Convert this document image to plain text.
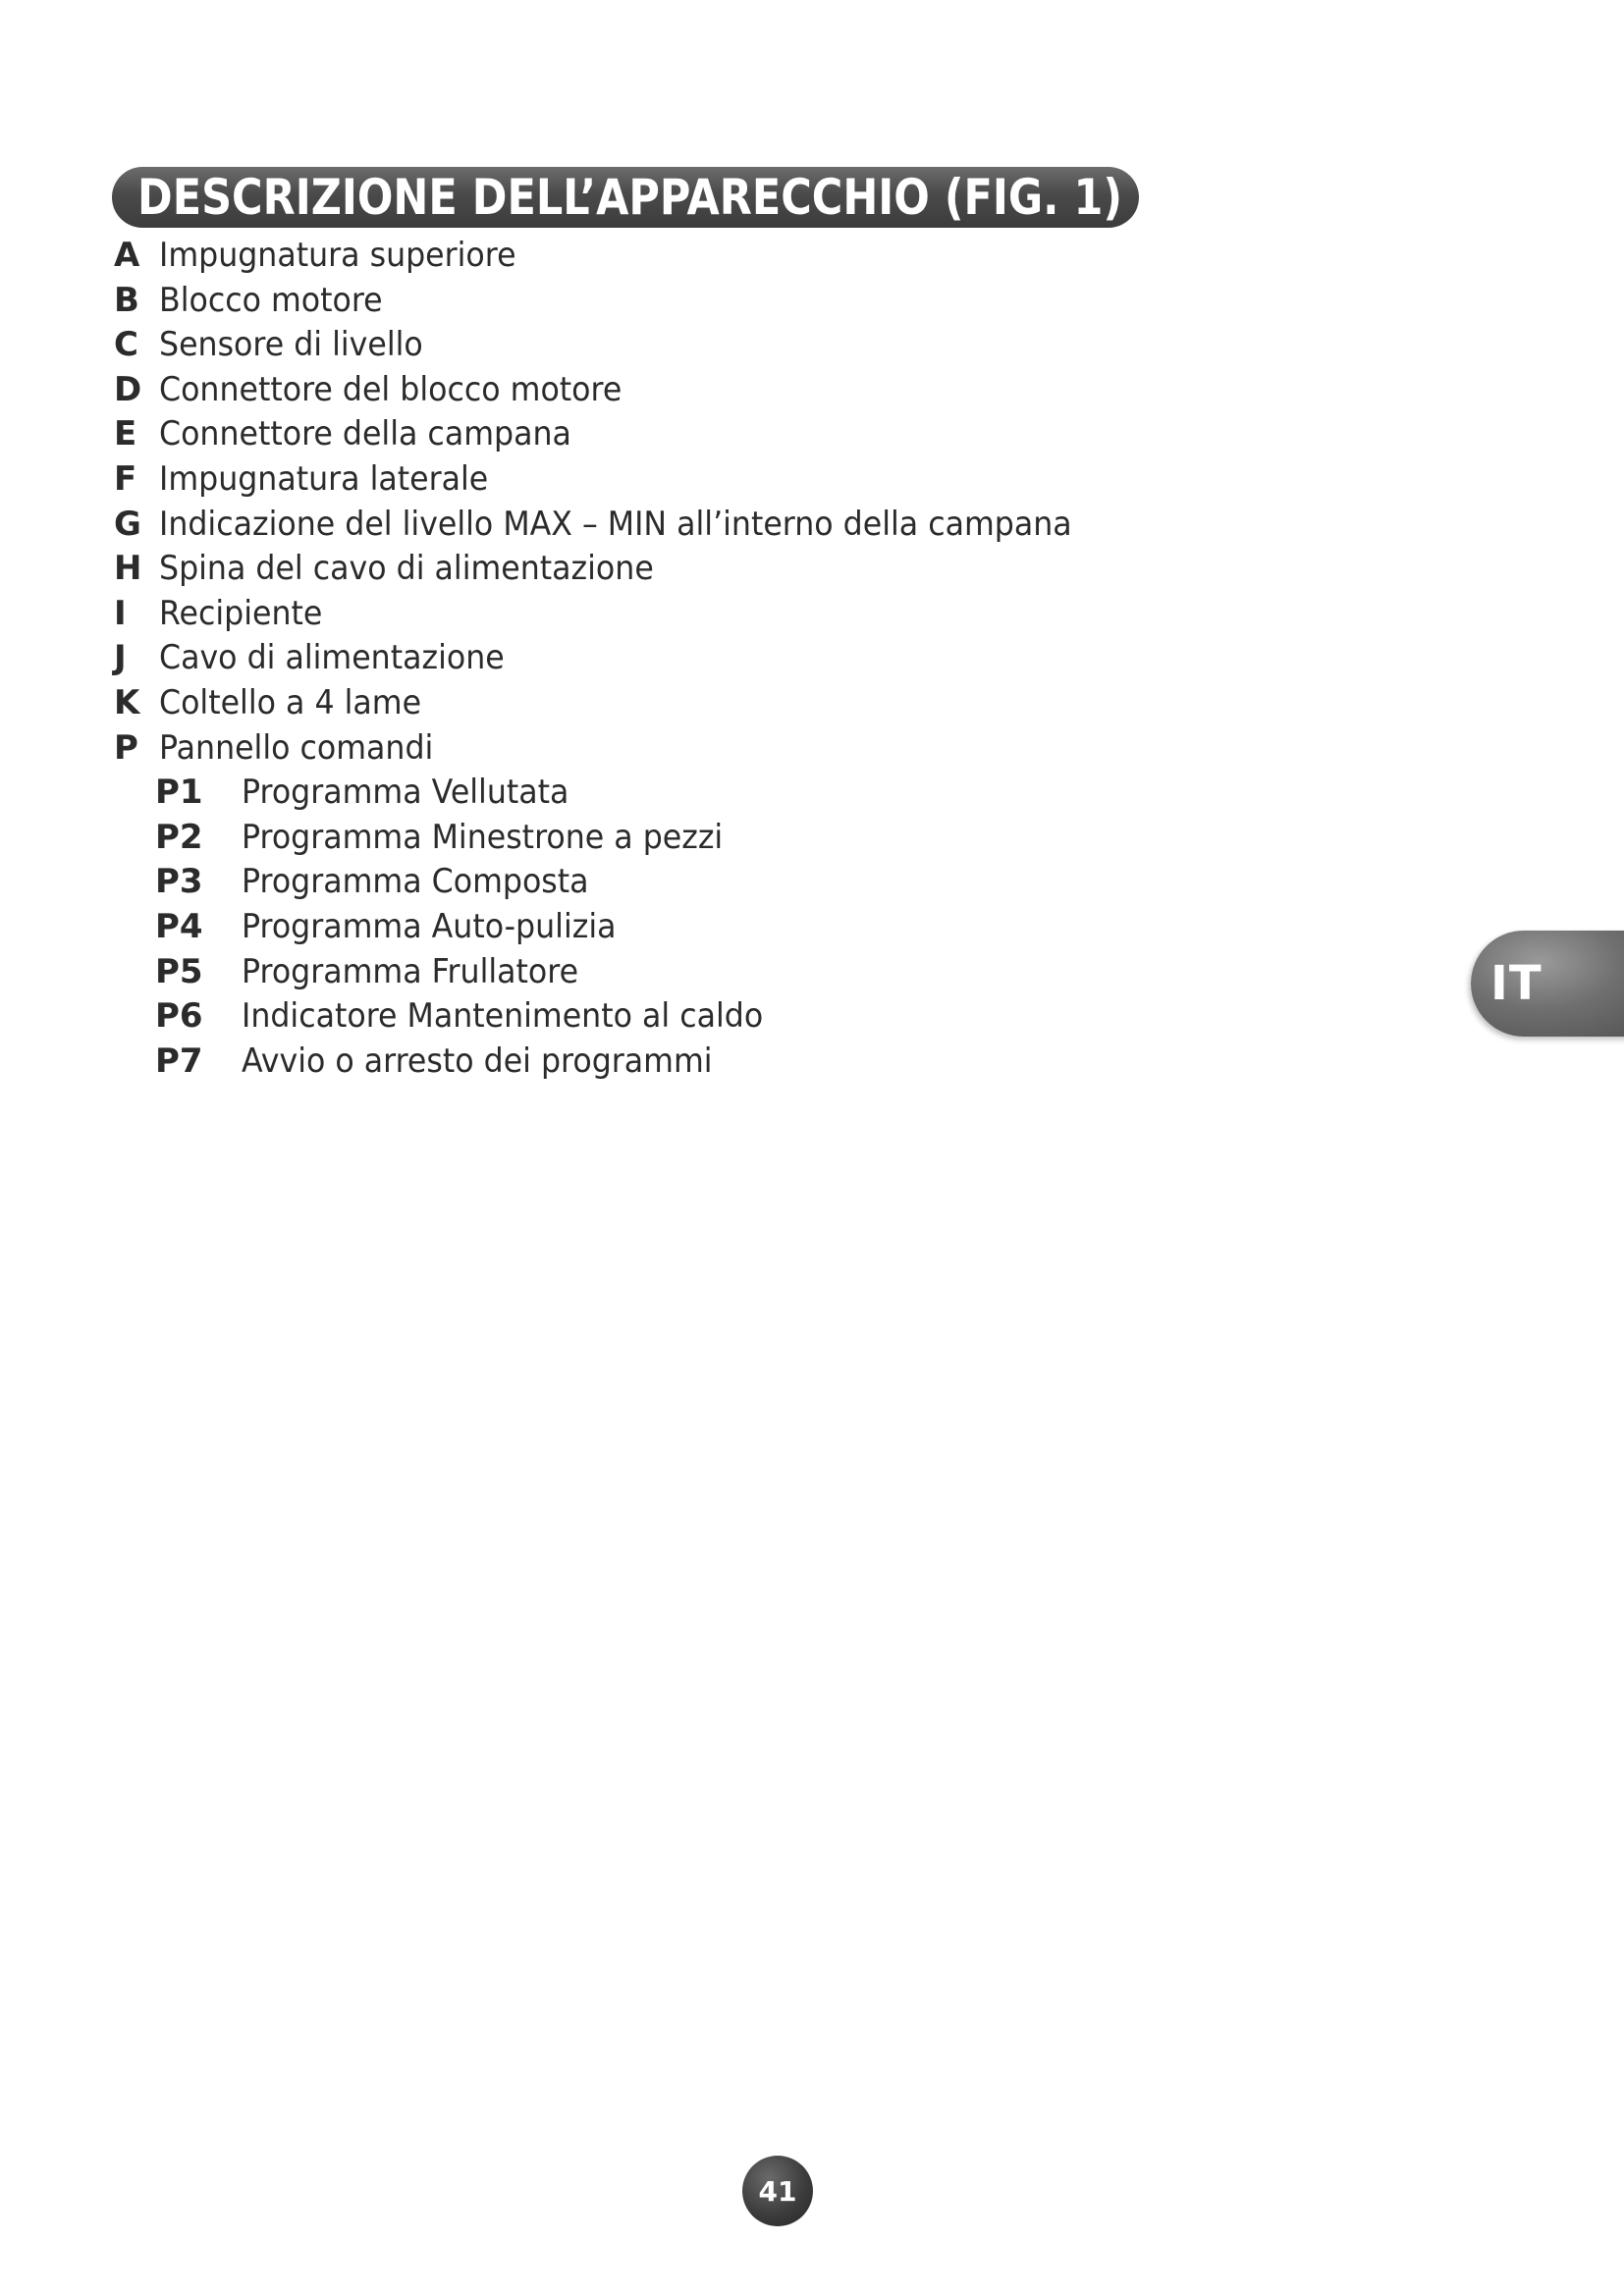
DESCRIZIONE DELL’APPARECCHIO (FIG. 1)
A Impugnatura superiore
B Blocco motore
C Sensore di livello
D Connettore del blocco motore
E Connettore della campana
F Impugnatura laterale
G Indicazione del livello MAX – MIN all’interno della campana
H Spina del cavo di alimentazione
I Recipiente
J Cavo di alimentazione
K Coltello a 4 lame
P Pannello comandi
P1	Programma Vellutata
P2	Programma Minestrone a pezzi
P3	Programma Composta
P4	Programma Auto-pulizia
P5	Programma Frullatore
P6	Indicatore Mantenimento al caldo
P7	Avvio o arresto dei programmi
IT
41
